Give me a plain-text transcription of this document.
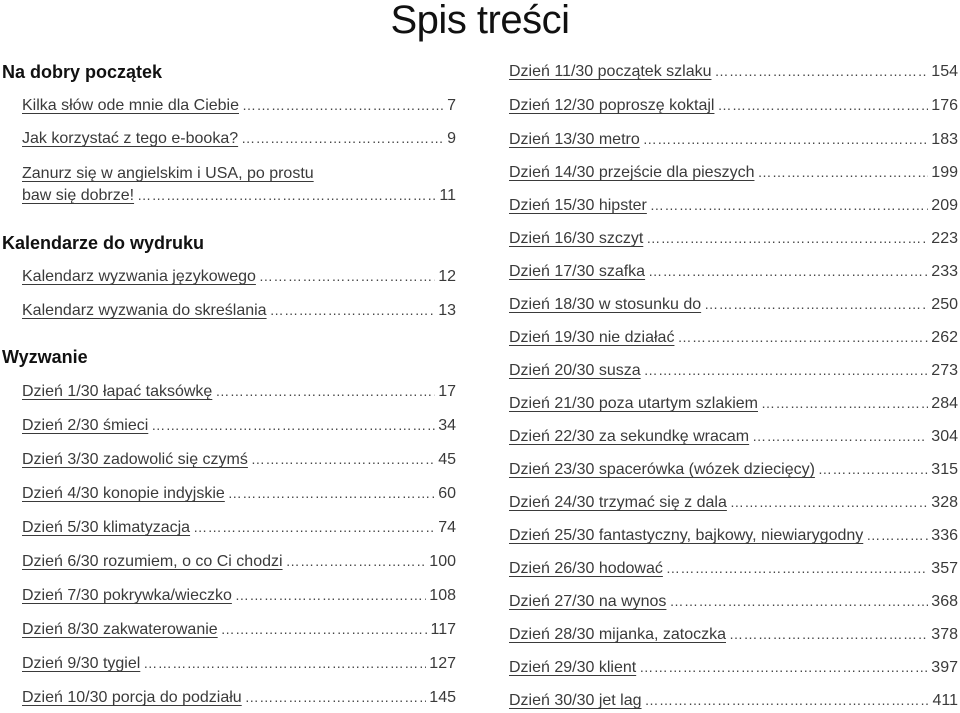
Spis treści
Na dobry początek
Kilka słów ode mnie dla Ciebie …………………………………………………………………………………………………………………………	7
Jak korzystać z tego e-booka? …………………………………………………………………………………………………………………………	9
Zanurz się w angielskim i USA, po prostu
baw się dobrze! …………………………………………………………………………………………………………………………	11
Kalendarze do wydruku
Kalendarz wyzwania językowego …………………………………………………………………………………………………………………………	12
Kalendarz wyzwania do skreślania …………………………………………………………………………………………………………………………	13
Wyzwanie
Dzień 1/30 łapać taksówkę …………………………………………………………………………………………………………………………	17
Dzień 2/30 śmieci …………………………………………………………………………………………………………………………	34
Dzień 3/30 zadowolić się czymś …………………………………………………………………………………………………………………………	45
Dzień 4/30 konopie indyjskie …………………………………………………………………………………………………………………………	60
Dzień 5/30 klimatyzacja …………………………………………………………………………………………………………………………	74
Dzień 6/30 rozumiem, o co Ci chodzi …………………………………………………………………………………………………………………………	100
Dzień 7/30 pokrywka/wieczko …………………………………………………………………………………………………………………………	108
Dzień 8/30 zakwaterowanie …………………………………………………………………………………………………………………………	117
Dzień 9/30 tygiel …………………………………………………………………………………………………………………………	127
Dzień 10/30 porcja do podziału …………………………………………………………………………………………………………………………	145
Dzień 11/30 początek szlaku …………………………………………………………………………………………………………………………	154
Dzień 12/30 poproszę koktajl …………………………………………………………………………………………………………………………	176
Dzień 13/30 metro …………………………………………………………………………………………………………………………	183
Dzień 14/30 przejście dla pieszych …………………………………………………………………………………………………………………………	199
Dzień 15/30 hipster …………………………………………………………………………………………………………………………	209
Dzień 16/30 szczyt …………………………………………………………………………………………………………………………	223
Dzień 17/30 szafka …………………………………………………………………………………………………………………………	233
Dzień 18/30 w stosunku do …………………………………………………………………………………………………………………………	250
Dzień 19/30 nie działać …………………………………………………………………………………………………………………………	262
Dzień 20/30 susza …………………………………………………………………………………………………………………………	273
Dzień 21/30 poza utartym szlakiem …………………………………………………………………………………………………………………………	284
Dzień 22/30 za sekundkę wracam …………………………………………………………………………………………………………………………	304
Dzień 23/30 spacerówka (wózek dziecięcy) …………………………………………………………………………………………………………………………	315
Dzień 24/30 trzymać się z dala …………………………………………………………………………………………………………………………	328
Dzień 25/30 fantastyczny, bajkowy, niewiarygodny …………………………………………………………………………………………………………………………	336
Dzień 26/30 hodować …………………………………………………………………………………………………………………………	357
Dzień 27/30 na wynos …………………………………………………………………………………………………………………………	368
Dzień 28/30 mijanka, zatoczka …………………………………………………………………………………………………………………………	378
Dzień 29/30 klient …………………………………………………………………………………………………………………………	397
Dzień 30/30 jet lag …………………………………………………………………………………………………………………………	411
